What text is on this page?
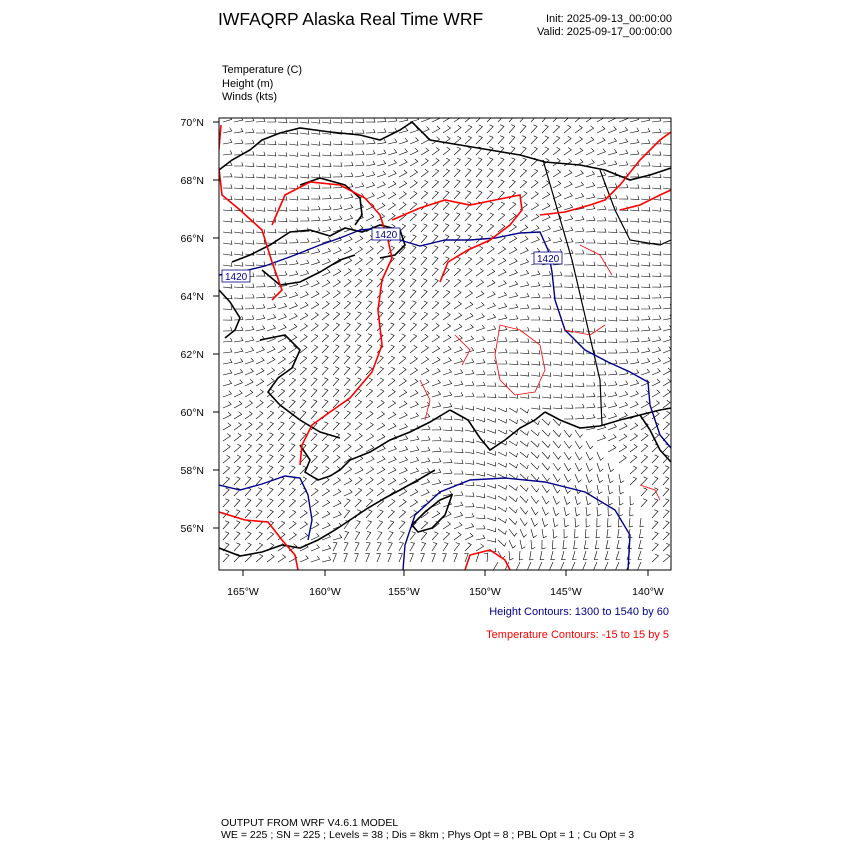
IWFAQRP Alaska Real Time WRF	Init: 2025-09-13_00:00:00
Valid: 2025-09-17_00:00:00
Temperature (C)
Height (m)
Winds (kts)
1420
1420
1420
70°N
68°N
66°N
64°N
62°N
60°N
58°N
56°N
165°W	160°W	155°W	150°W	145°W	140°W
Height Contours: 1300 to 1540 by 60
Temperature Contours: -15 to 15 by 5
OUTPUT FROM WRF V4.6.1 MODEL
WE = 225 ; SN = 225 ; Levels = 38 ; Dis = 8km ; Phys Opt = 8 ; PBL Opt = 1 ; Cu Opt = 3
